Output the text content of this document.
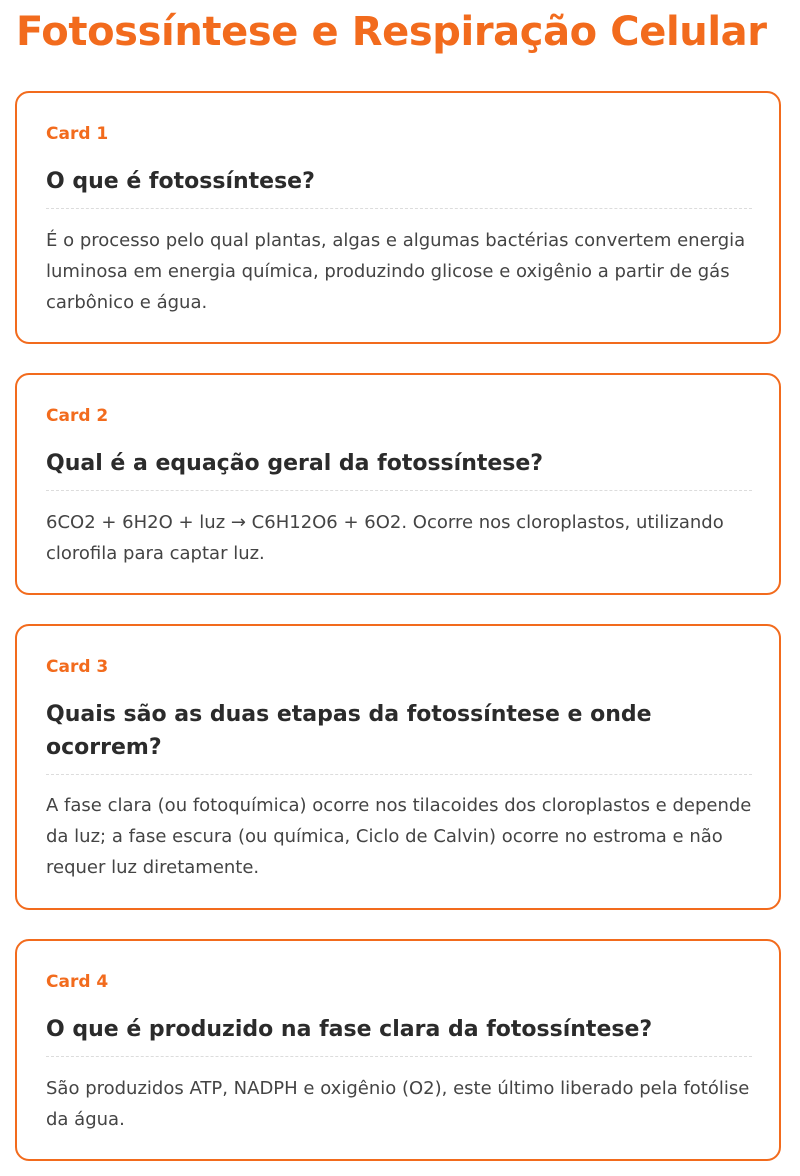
Fotossíntese e Respiração Celular
Card 1
O que é fotossíntese?

É o processo pelo qual plantas, algas e algumas bactérias convertem energia luminosa em energia química, produzindo glicose e oxigênio a partir de gás carbônico e água.

Card 2
Qual é a equação geral da fotossíntese?

6CO2 + 6H2O + luz → C6H12O6 + 6O2. Ocorre nos cloroplastos, utilizando clorofila para captar luz.

Card 3
Quais são as duas etapas da fotossíntese e onde ocorrem?

A fase clara (ou fotoquímica) ocorre nos tilacoides dos cloroplastos e depende da luz; a fase escura (ou química, Ciclo de Calvin) ocorre no estroma e não requer luz diretamente.

Card 4
O que é produzido na fase clara da fotossíntese?

São produzidos ATP, NADPH e oxigênio (O2), este último liberado pela fotólise da água.
